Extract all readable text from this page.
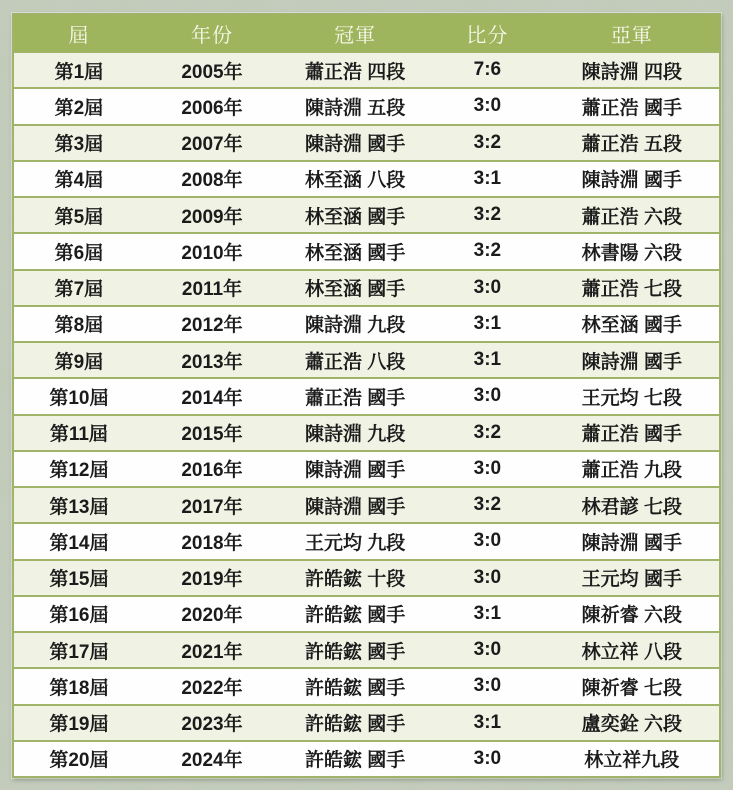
屆	年份	冠軍	比分	亞軍
第1屆	2005年	蕭正浩 四段	7:6	陳詩淵 四段
第2屆	2006年	陳詩淵 五段	3:0	蕭正浩 國手
第3屆	2007年	陳詩淵 國手	3:2	蕭正浩 五段
第4屆	2008年	林至涵 八段	3:1	陳詩淵 國手
第5屆	2009年	林至涵 國手	3:2	蕭正浩 六段
第6屆	2010年	林至涵 國手	3:2	林書陽 六段
第7屆	2011年	林至涵 國手	3:0	蕭正浩 七段
第8屆	2012年	陳詩淵 九段	3:1	林至涵 國手
第9屆	2013年	蕭正浩 八段	3:1	陳詩淵 國手
第10屆	2014年	蕭正浩 國手	3:0	王元均 七段
第11屆	2015年	陳詩淵 九段	3:2	蕭正浩 國手
第12屆	2016年	陳詩淵 國手	3:0	蕭正浩 九段
第13屆	2017年	陳詩淵 國手	3:2	林君諺 七段
第14屆	2018年	王元均 九段	3:0	陳詩淵 國手
第15屆	2019年	許皓鋐 十段	3:0	王元均 國手
第16屆	2020年	許皓鋐 國手	3:1	陳祈睿 六段
第17屆	2021年	許皓鋐 國手	3:0	林立祥 八段
第18屆	2022年	許皓鋐 國手	3:0	陳祈睿 七段
第19屆	2023年	許皓鋐 國手	3:1	盧奕銓 六段
第20屆	2024年	許皓鋐 國手	3:0	林立祥九段
